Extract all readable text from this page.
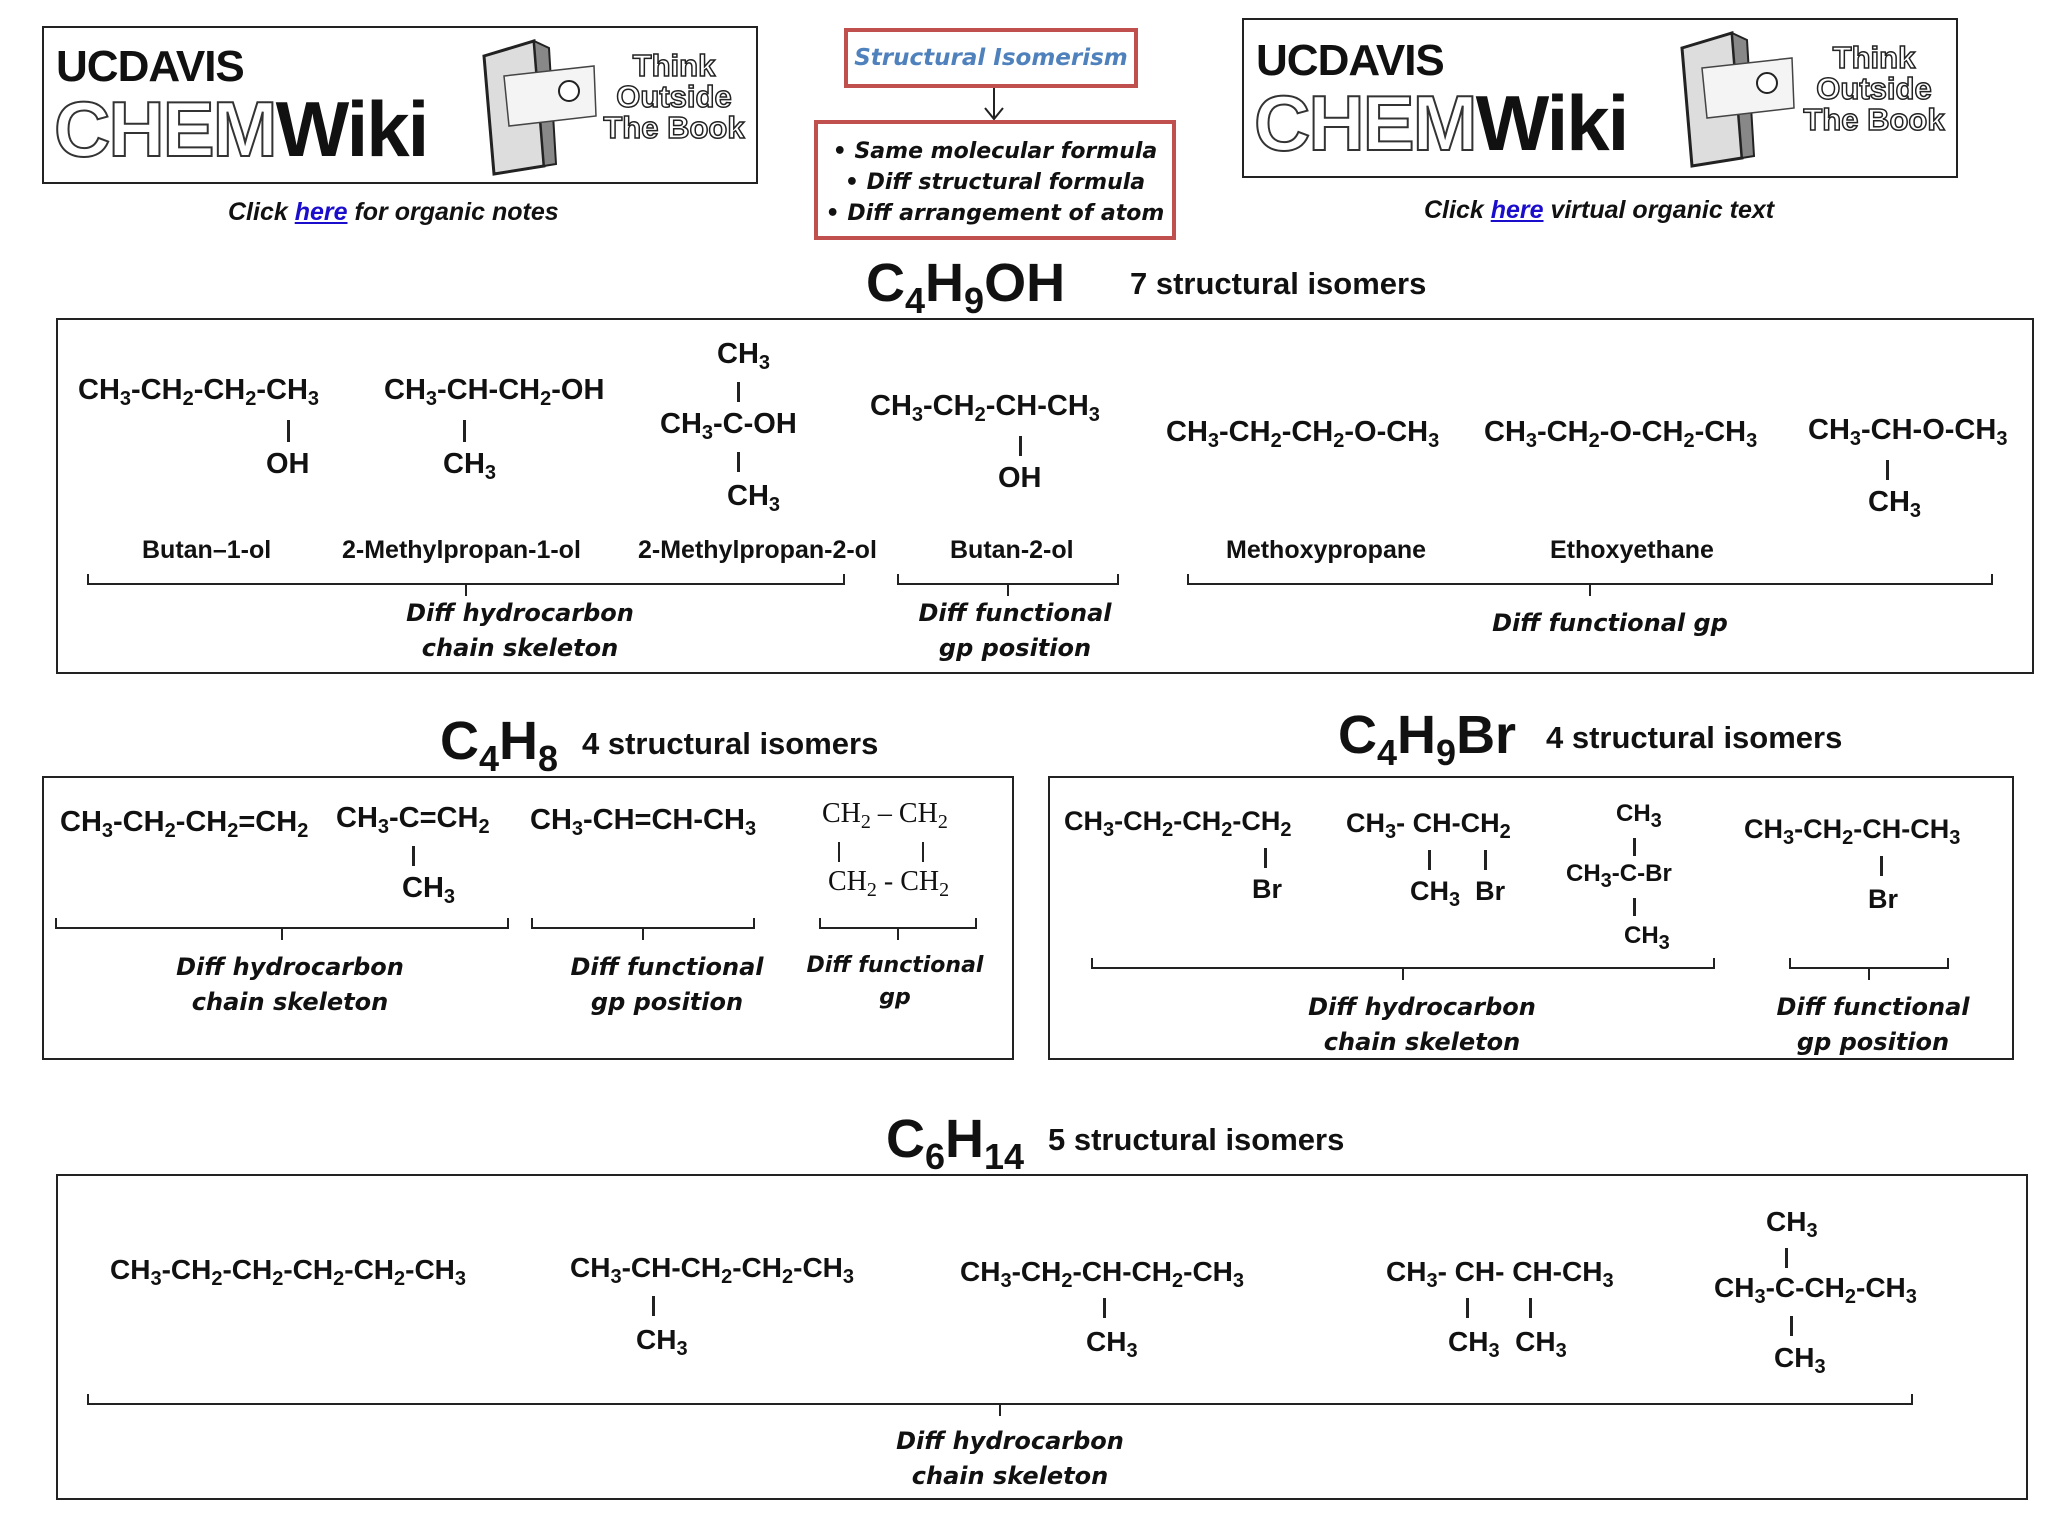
UCDAVIS
CHEMWiki
Think
Outside
The Book
Click here for organic notes
Structural Isomerism
• Same molecular formula
• Diff structural formula
• Diff arrangement of atom
UCDAVIS
CHEMWiki
Think
Outside
The Book
Click here virtual organic text
$C_4H_9OH$ 7 structural isomers
$CH_3-CH_2-CH_2-CH_3$
OH
$CH_3-CH-CH_2-OH$
$CH_3$
$CH_3$
$CH_3-C-OH$
$CH_3$
$CH_3-CH_2-CH-CH_3$
OH
$CH_3-CH_2-CH_2-O-CH_3$ $CH_3-CH_2-O-CH_2-CH_3$ $CH_3-CH-O-CH_3$
$CH_3$
Butan–1-ol	2-Methylpropan-1-ol 2-Methylpropan-2-ol	Butan-2-ol	Methoxypropane	Ethoxyethane
Diff hydrocarbon
chain skeleton
Diff functional
gp position
Diff functional gp
$C_4H_8$ 4 structural isomers
$CH_3-CH_2-CH_2=CH_2$ $CH_3-C=CH_2$
$CH_3$
$CH_3-CH=CH-CH_3$ $CH_2 - CH_2$
$CH_2 - CH_2$
Diff hydrocarbon
chain skeleton
Diff functional
gp position
Diff functional
gp
$C_4H_9Br$ 4 structural isomers
$CH_3-CH_2-CH_2-CH_2$
Br
$CH_3-$ $CH-CH_2$
$CH_3$  Br
$CH_3$
$CH_3-C-Br$
$CH_3$
$CH_3-CH_2-CH-CH_3$
Br
Diff hydrocarbon
chain skeleton
Diff functional
gp position
$C_6H_{14}$ 5 structural isomers
$CH_3-CH_2-CH_2-CH_2-CH_2-CH_3$	$CH_3-CH-CH_2-CH_2-CH_3$
$CH_3$
$CH_3-CH_2-CH-CH_2-CH_3$
$CH_3$
$CH_3-$ CH- $CH-CH_3$
$CH_3$  $CH_3$
$CH_3$
$CH_3-C-CH_2-CH_3$
$CH_3$
Diff hydrocarbon
chain skeleton
